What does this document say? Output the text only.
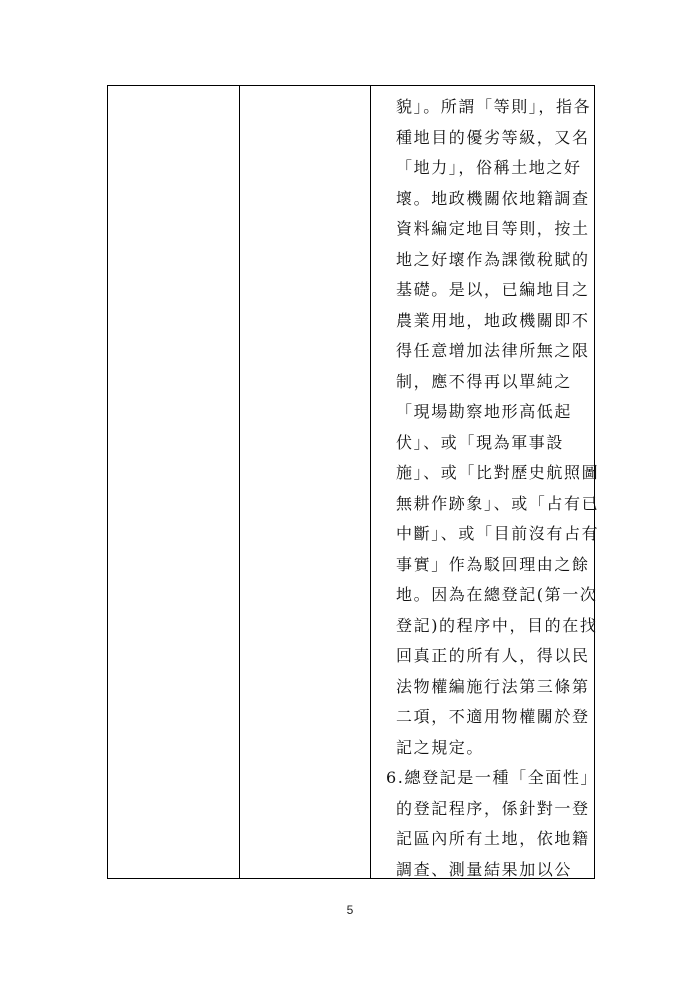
貌」。所謂「等則」，指各
種地目的優劣等級，又名
「地力」，俗稱土地之好
壞。地政機關依地籍調查
資料編定地目等則，按土
地之好壞作為課徵稅賦的
基礎。是以，已編地目之
農業用地，地政機關即不
得任意增加法律所無之限
制，應不得再以單純之
「現場勘察地形高低起
伏」、或「現為軍事設
施」、或「比對歷史航照圖
無耕作跡象」、或「占有已
中斷」、或「目前沒有占有
事實」作為駁回理由之餘
地。因為在總登記(第一次
登記)的程序中，目的在找
回真正的所有人，得以民
法物權編施行法第三條第
二項，不適用物權關於登
記之規定。
6.總登記是一種「全面性」
的登記程序，係針對一登
記區內所有土地，依地籍
調查、測量結果加以公
5
